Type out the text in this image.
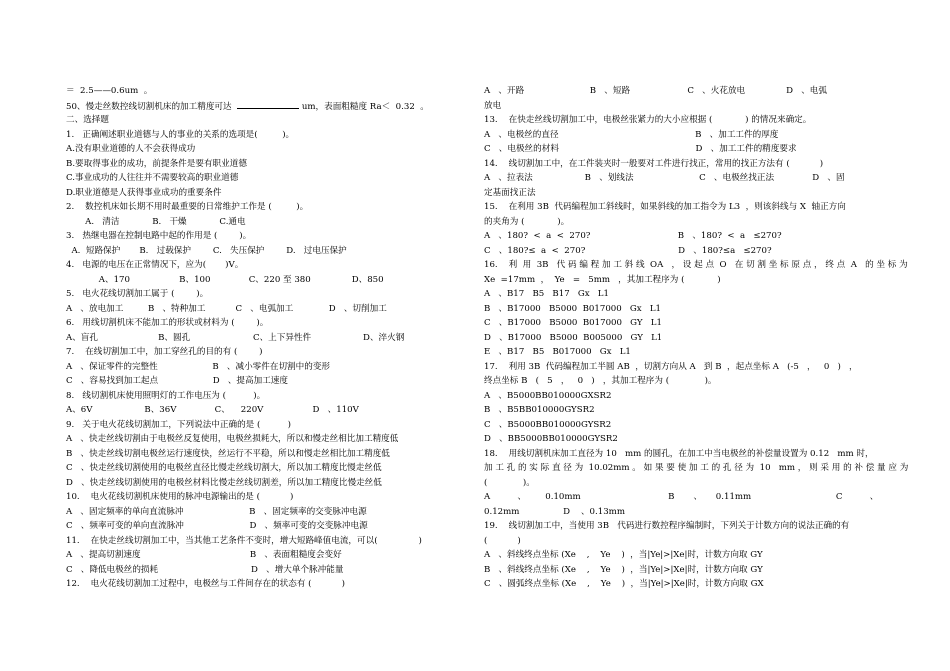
＝  2.5——0.6um  。
50、慢走丝数控线切割机床的加工精度可达	um，表面粗糙度 Ra＜  0.32  。
二、选择题
1.   正确阐述职业道德与人的事业的关系的选项是(         )。
A.没有职业道德的人不会获得成功
B.要取得事业的成功，前提条件是要有职业道德
C.事业成功的人往往并不需要较高的职业道德
D.职业道德是人获得事业成功的重要条件
2.    数控机床如长期不用时最重要的日常维护工作是 (         )。
A.   清洁            B.   干燥            C.通电
3.   热继电器在控制电路中起的作用是 (        )。
A.  短路保护       B.   过载保护        C.   失压保护        D.   过电压保护
4.   电源的电压在正常情况下，应为(       )V。
A、170                  B、100              C、220 至 380               D、850
5.   电火花线切割加工属于 (        )。
A   、放电加工         B   、特种加工           C   、电弧加工             D   、切削加工
6.   用线切割机床不能加工的形状或材料为 (        )。
A、盲孔                      B、圆孔                       C、上下异性件                   D、淬火钢
7.    在线切割加工中，加工穿丝孔的目的有 (        )
A   、保证零件的完整性                    B   、减小零件在切割中的变形
C   、容易找到加工起点                    D   、提高加工速度
8.   线切割机床使用照明灯的工作电压为 (          )。
A、6V                   B、36V              C、    220V                  D   、110V
9.   关于电火花线切割加工，下列说法中正确的是 (          )
A   、快走丝线切割由于电极丝反复使用，电极丝损耗大，所以和慢走丝相比加工精度低
B   、快走丝线切割电极丝运行速度快，丝运行不平稳，所以和慢走丝相比加工精度低
C   、快走丝线切割使用的电极丝直径比慢走丝线切割大，所以加工精度比慢走丝低
D   、快走丝线切割使用的电极丝材料比慢走丝线切割差，所以加工精度比慢走丝低
10.    电火花线切割机床使用的脉冲电源输出的是 (           )
A   、固定频率的单向直流脉冲                        B   、固定频率的交变脉冲电源
C   、频率可变的单向直流脉冲                        D   、频率可变的交变脉冲电源
11.    在快走丝线切割加工中，当其他工艺条件不变时，增大短路峰值电流，可以(               )
A   、提高切割速度                                        B   、表面粗糙度会变好
C   、降低电极丝的损耗                                  D   、增大单个脉冲能量
12.    电火花线切割加工过程中，电极丝与工件间存在的状态有 (           )
A   、开路                        B   、短路                     C   、火花放电               D   、电弧
放电
13.    在快走丝线切割加工中，电极丝张紧力的大小应根据 (            ) 的情况来确定。
A   、电极丝的直径                                                  B   、加工工件的厚度
C   、电极丝的材料                                                  D   、加工工件的精度要求
14.    线切割加工中，在工件装夹时一般要对工件进行找正，常用的找正方法有 (           )
A   、拉表法                   B   、划线法                        C   、电极丝找正法              D   、固
定基面找正法
15.    在利用 3B  代码编程加工斜线时，如果斜线的加工指令为 L3  ，则该斜线与 X  轴正方向
的夹角为 (            )。
A   、180?  <  a  <  270?                                B   、180?  <  a   ≤270?
C   、180?≤  a  <  270?                                  D   、180?≤a   ≤270?
16.    利  用  3B   代 码 编 程 加 工 斜 线  OA   ， 设 起 点  O   在 切 割 坐 标 原 点 ， 终 点  A   的 坐 标 为
Xe  =17mm  ，  Ye   =   5mm   ，其加工程序为 (            )
A   、B17   B5   B17   Gx   L1
B   、B17000   B5000  B017000   Gx   L1
C   、B17000   B5000  B017000   GY   L1
D   、B17000   B5000  B005000   GY   L1
E   、B17   B5   B017000   Gx   L1
17.    利用 3B  代码编程加工半圆 AB  ，切割方向从 A   到 B  ，起点坐标 A   (-5   ，   0   )   ，
终点坐标 B   (   5   ，   0   )   ，其加工程序为 (             )。
A   、B5000BB010000GXSR2
B   、B5BB010000GYSR2
C   、B5000BB010000GYSR2
D   、BB5000BB010000GYSR2
18.    用线切割机床加工直径为 10   mm 的圆孔，在加工中当电极丝的补偿量设置为 0.12   mm 时，
加 工 孔 的 实 际 直 径 为  10.02mm 。 如 果 要 使 加 工 的 孔 径 为  10   mm ， 则 采 用 的 补 偿 量 应 为
(             )。
A          、       0.10mm                                B       、     0.11mm                               C          、
0.12mm                D    、0.13mm
19.    线切割加工中，当使用 3B   代码进行数控程序编制时，下列关于计数方向的说法正确的有
(           )
A   、斜线终点坐标 (Xe    ,    Ye    )  ，当|Ye|>|Xe|时，计数方向取 GY
B   、斜线终点坐标 (Xe    ,    Ye    )  ，当|Ye|>|Xe|时，计数方向取 GY
C   、圆弧终点坐标 (Xe    ,    Ye    )  ，当|Ye|>|Xe|时，计数方向取 GX
